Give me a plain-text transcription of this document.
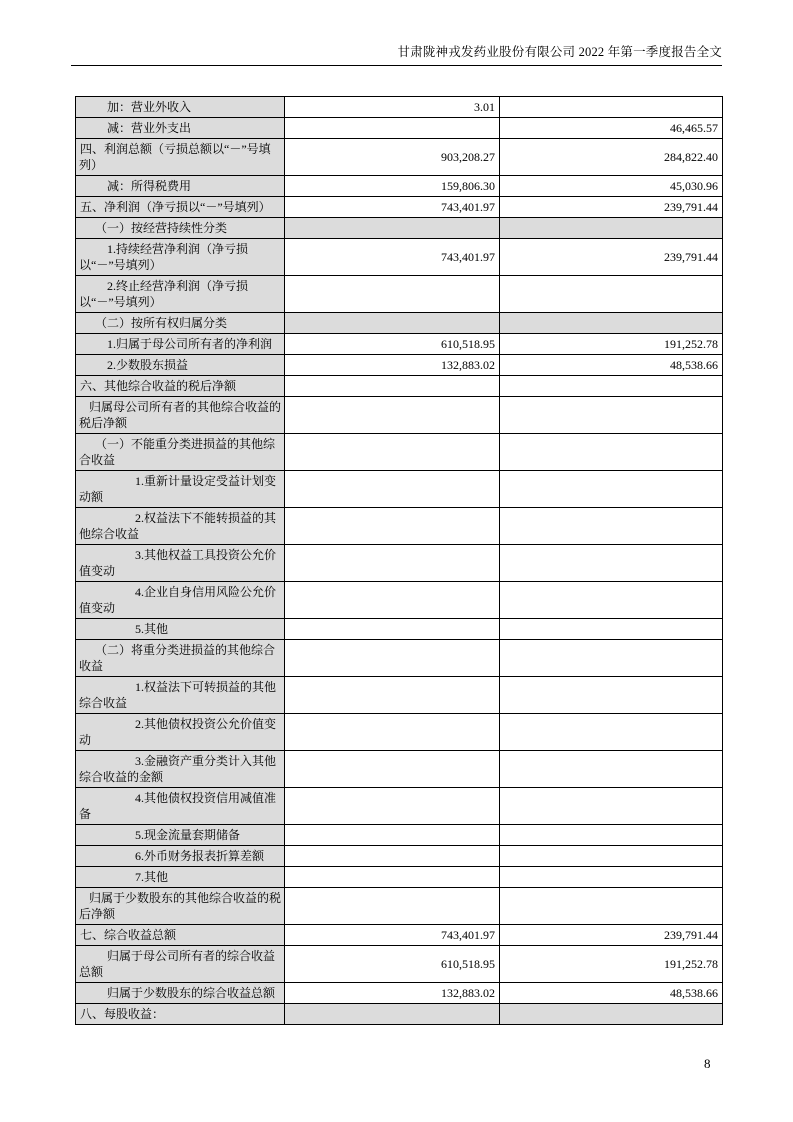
甘肃陇神戎发药业股份有限公司 2022 年第一季度报告全文
加：营业外收入	3.01	
减：营业外支出		46,465.57
四、利润总额（亏损总额以“－”号填列）	903,208.27	284,822.40
减：所得税费用	159,806.30	45,030.96
五、净利润（净亏损以“－”号填列）	743,401.97	239,791.44
（一）按经营持续性分类		
1.持续经营净利润（净亏损以“－”号填列）	743,401.97	239,791.44
2.终止经营净利润（净亏损以“－”号填列）		
（二）按所有权归属分类		
1.归属于母公司所有者的净利润	610,518.95	191,252.78
2.少数股东损益	132,883.02	48,538.66
六、其他综合收益的税后净额		
归属母公司所有者的其他综合收益的税后净额		
（一）不能重分类进损益的其他综合收益		
1.重新计量设定受益计划变动额		
2.权益法下不能转损益的其他综合收益		
3.其他权益工具投资公允价值变动		
4.企业自身信用风险公允价值变动		
5.其他		
（二）将重分类进损益的其他综合收益		
1.权益法下可转损益的其他综合收益		
2.其他债权投资公允价值变动		
3.金融资产重分类计入其他综合收益的金额		
4.其他债权投资信用减值准备		
5.现金流量套期储备		
6.外币财务报表折算差额		
7.其他		
归属于少数股东的其他综合收益的税后净额		
七、综合收益总额	743,401.97	239,791.44
归属于母公司所有者的综合收益总额	610,518.95	191,252.78
归属于少数股东的综合收益总额	132,883.02	48,538.66
八、每股收益：		
8
